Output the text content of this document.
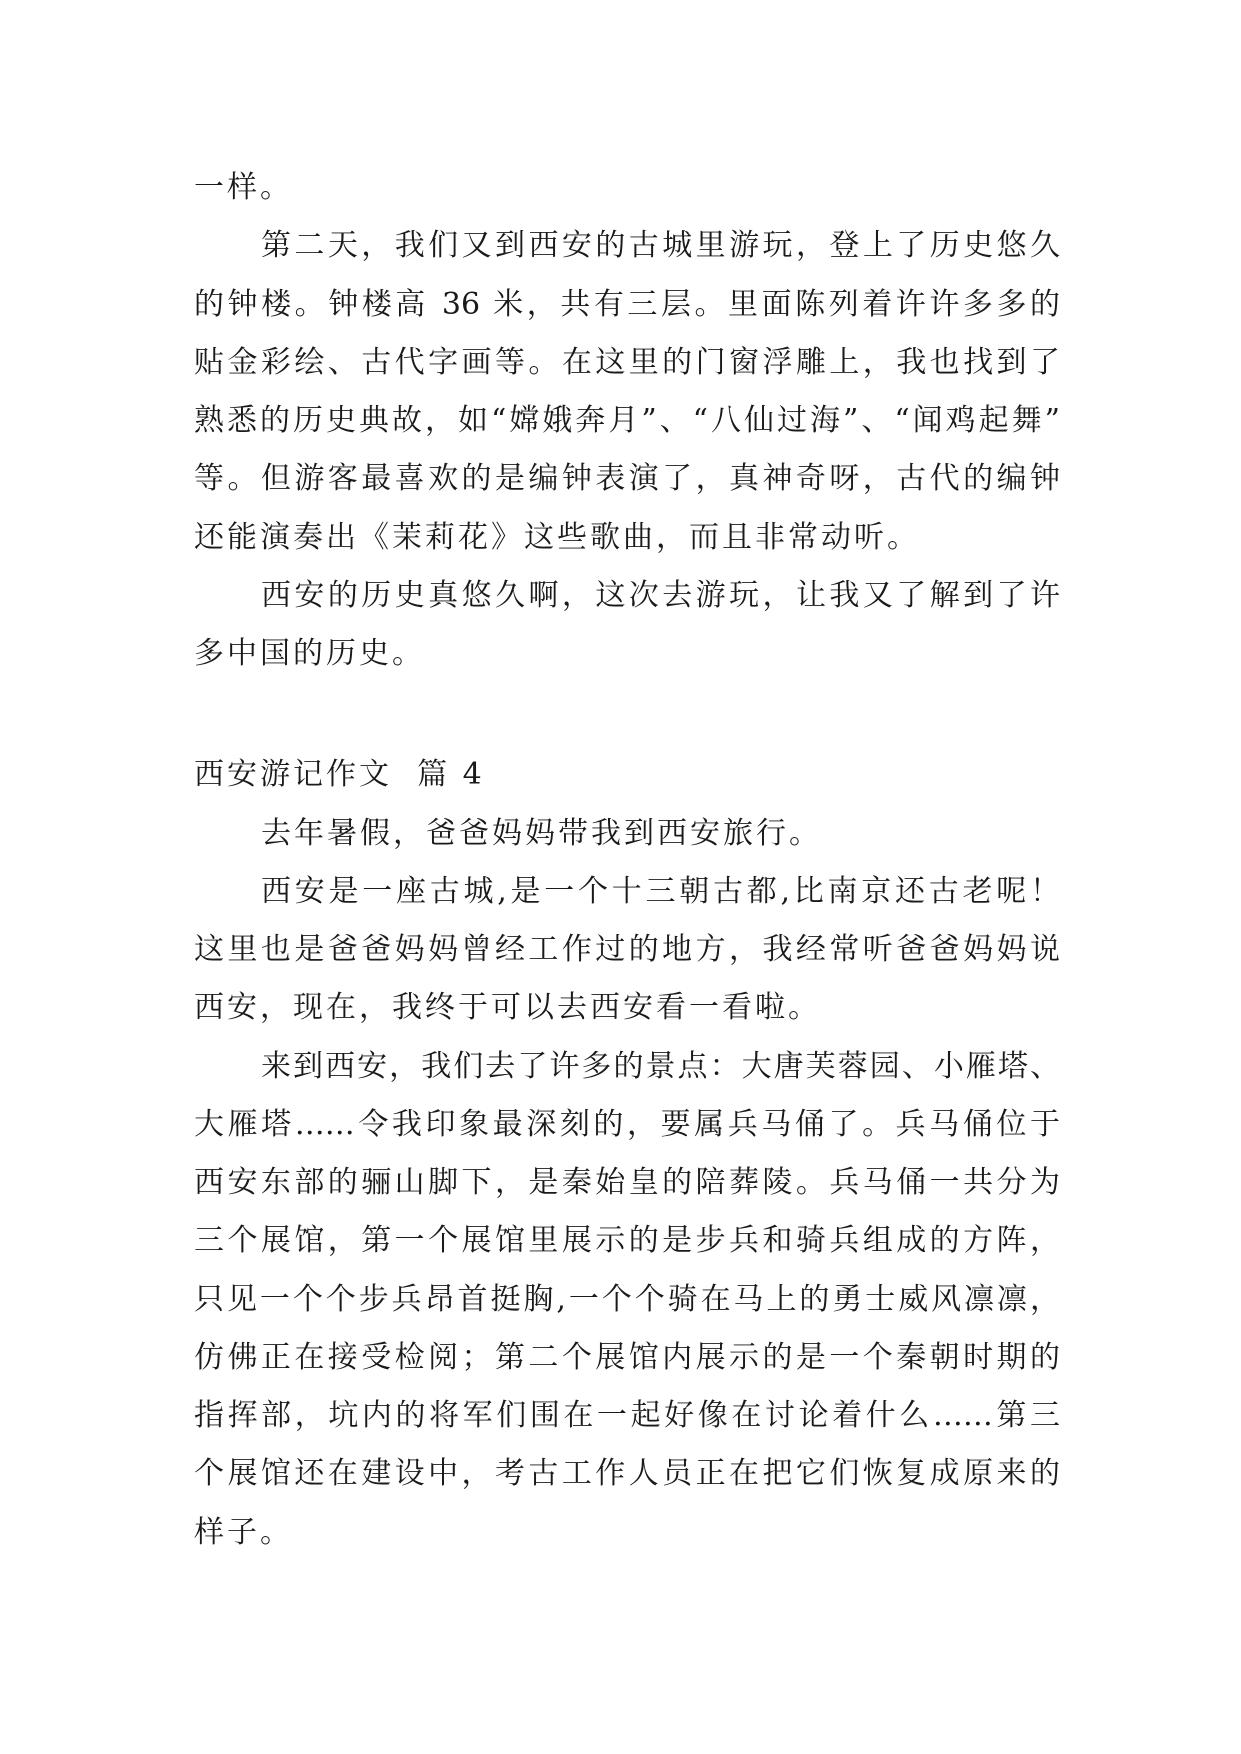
一样。
第二天，我们又到西安的古城里游玩，登上了历史悠久
的钟楼。钟楼高 36 米，共有三层。里面陈列着许许多多的
贴金彩绘、古代字画等。在这里的门窗浮雕上，我也找到了
熟悉的历史典故，如“嫦娥奔月”、“八仙过海”、“闻鸡起舞”
等。但游客最喜欢的是编钟表演了，真神奇呀，古代的编钟
还能演奏出《茉莉花》这些歌曲，而且非常动听。
西安的历史真悠久啊，这次去游玩，让我又了解到了许
多中国的历史。
西安游记作文  篇 4
去年暑假，爸爸妈妈带我到西安旅行。
西安是一座古城,是一个十三朝古都,比南京还古老呢！
这里也是爸爸妈妈曾经工作过的地方，我经常听爸爸妈妈说
西安，现在，我终于可以去西安看一看啦。
来到西安，我们去了许多的景点：大唐芙蓉园、小雁塔、
大雁塔……令我印象最深刻的，要属兵马俑了。兵马俑位于
西安东部的骊山脚下，是秦始皇的陪葬陵。兵马俑一共分为
三个展馆，第一个展馆里展示的是步兵和骑兵组成的方阵，
只见一个个步兵昂首挺胸,一个个骑在马上的勇士威风凛凛，
仿佛正在接受检阅；第二个展馆内展示的是一个秦朝时期的
指挥部，坑内的将军们围在一起好像在讨论着什么……第三
个展馆还在建设中，考古工作人员正在把它们恢复成原来的
样子。
